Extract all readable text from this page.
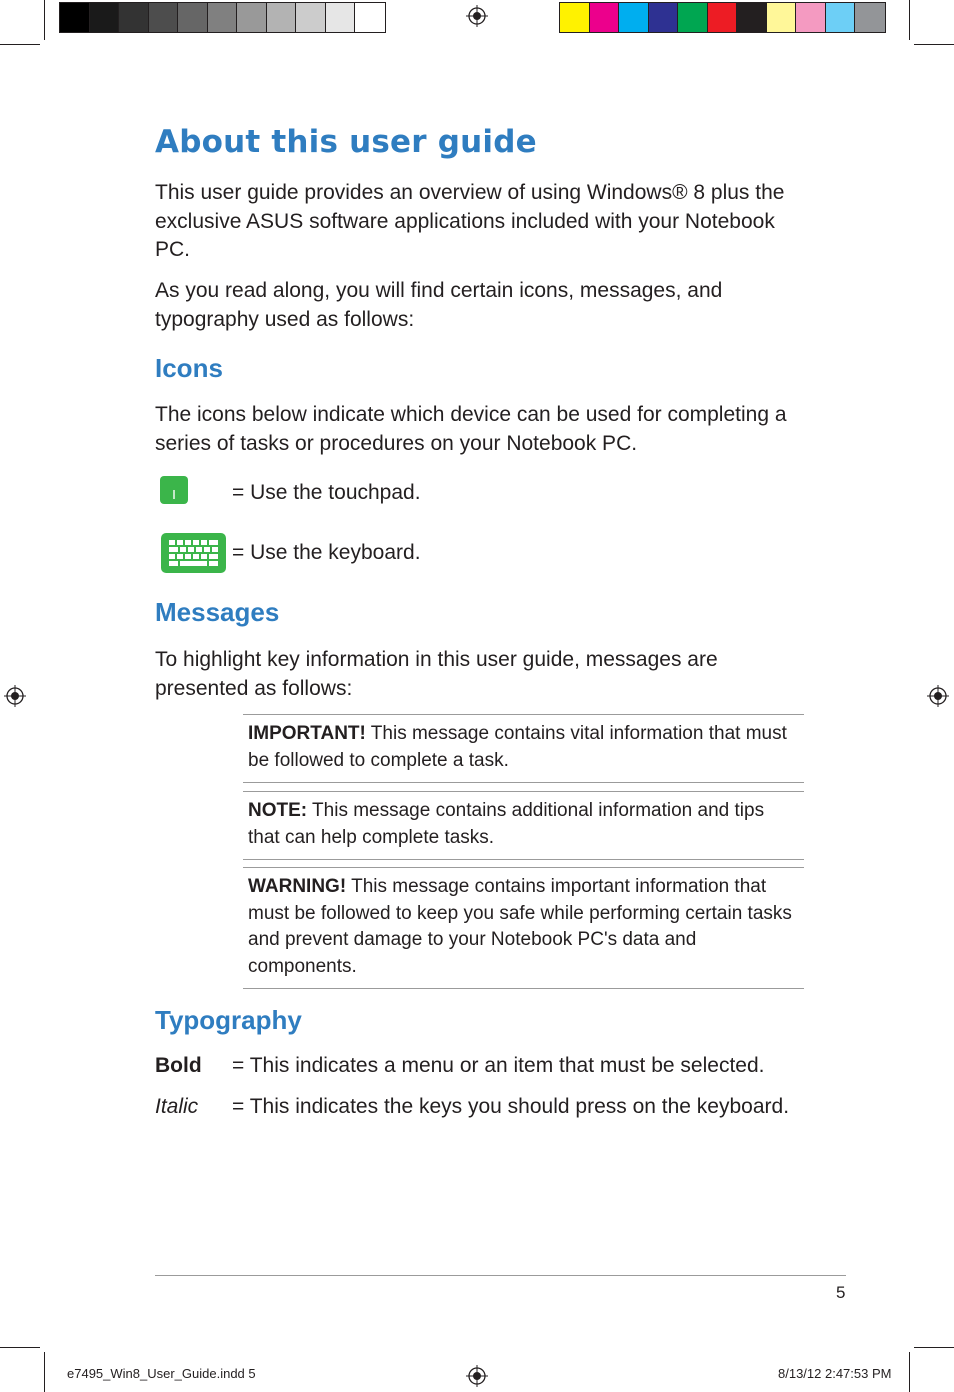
About this user guide

This user guide provides an overview of using Windows® 8 plus the exclusive ASUS software applications included with your Notebook PC.

As you read along, you will find certain icons, messages, and typography used as follows:

Icons

The icons below indicate which device can be used for completing a series of tasks or procedures on your Notebook PC.

= Use the touchpad.
= Use the keyboard.
Messages

To highlight key information in this user guide, messages are presented as follows:

IMPORTANT! This message contains vital information that must be followed to complete a task.
NOTE: This message contains additional information and tips that can help complete tasks.
WARNING! This message contains important information that must be followed to keep you safe while performing certain tasks and prevent damage to your Notebook PC's data and components.
Typography
Bold = This indicates a menu or an item that must be selected.
Italic = This indicates the keys you should press on the keyboard.
5
e7495_Win8_User_Guide.indd 5	8/13/12 2:47:53 PM
